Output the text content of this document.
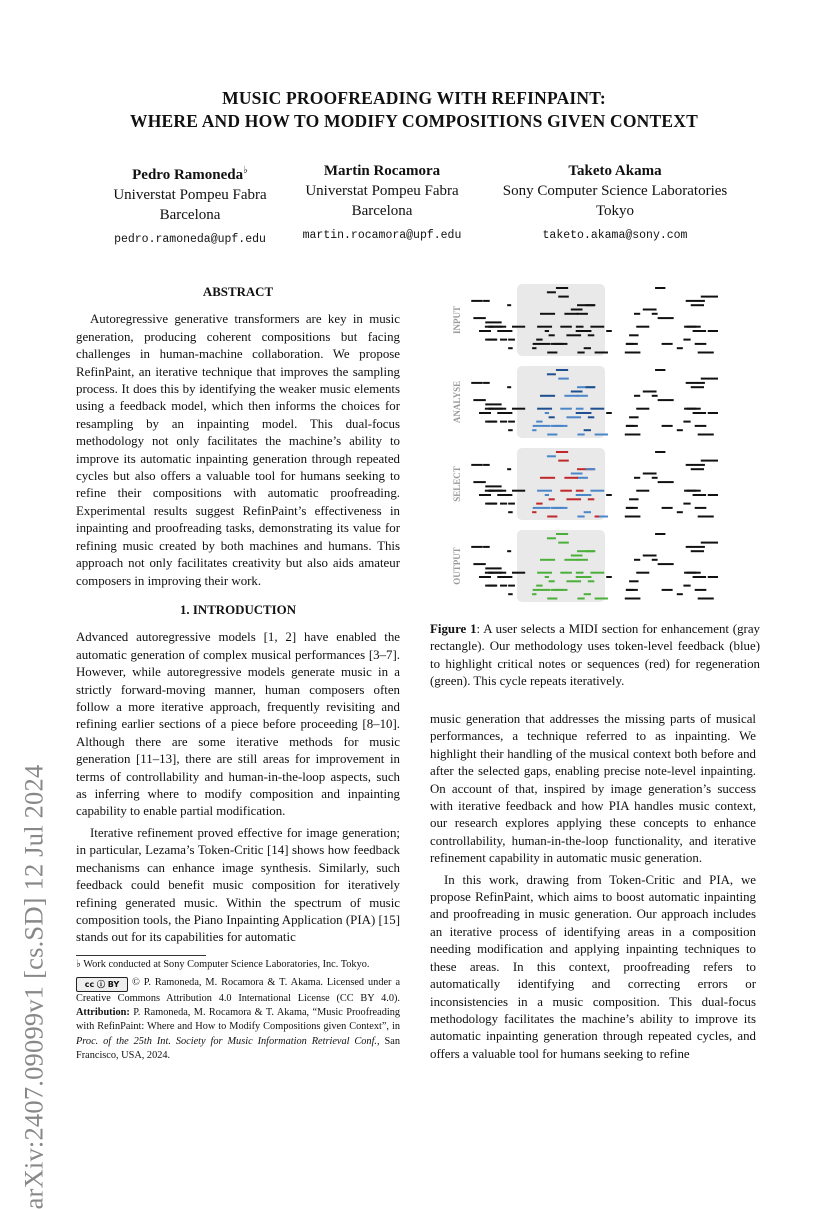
arXiv:2407.09099v1 [cs.SD] 12 Jul 2024
MUSIC PROOFREADING WITH REFINPAINT:
WHERE AND HOW TO MODIFY COMPOSITIONS GIVEN CONTEXT
Pedro Ramoneda♭
Universtat Pompeu Fabra
Barcelona
pedro.ramoneda@upf.edu
Martin Rocamora
Universtat Pompeu Fabra
Barcelona
martin.rocamora@upf.edu
Taketo Akama
Sony Computer Science Laboratories
Tokyo
taketo.akama@sony.com
ABSTRACT

Autoregressive generative transformers are key in music generation, producing coherent compositions but facing challenges in human-machine collaboration. We propose RefinPaint, an iterative technique that improves the sampling process. It does this by identifying the weaker music elements using a feedback model, which then informs the choices for resampling by an inpainting model. This dual-focus methodology not only facilitates the machine’s ability to improve its automatic inpainting generation through repeated cycles but also offers a valuable tool for humans seeking to refine their compositions with automatic proofreading. Experimental results suggest RefinPaint’s effectiveness in inpainting and proofreading tasks, demonstrating its value for refining music created by both machines and humans. This approach not only facilitates creativity but also aids amateur composers in improving their work.

1. INTRODUCTION

Advanced autoregressive models [1, 2] have enabled the automatic generation of complex musical performances [3–7]. However, while autoregressive models generate music in a strictly forward-moving manner, human composers often follow a more iterative approach, frequently revisiting and refining earlier sections of a piece before proceeding [8–10]. Although there are some iterative methods for music generation [11–13], there are still areas for improvement in terms of controllability and human-in-the-loop aspects, such as inferring where to modify composition and inpainting capability to enable partial modification.

Iterative refinement proved effective for image generation; in particular, Lezama’s Token-Critic [14] shows how feedback mechanisms can enhance image synthesis. Similarly, such feedback could benefit music composition for iteratively refining generated music. Within the spectrum of music composition tools, the Piano Inpainting Application (PIA) [15] stands out for its capabilities for automatic

♭ Work conducted at Sony Computer Science Laboratories, Inc. Tokyo.
cc ⓘ BY © P. Ramoneda, M. Rocamora & T. Akama. Licensed under a Creative Commons Attribution 4.0 International License (CC BY 4.0). Attribution: P. Ramoneda, M. Rocamora & T. Akama, “Music Proofreading with RefinPaint: Where and How to Modify Compositions given Context”, in Proc. of the 25th Int. Society for Music Information Retrieval Conf., San Francisco, USA, 2024.
INPUT
ANALYSE
SELECT
OUTPUT
Figure 1: A user selects a MIDI section for enhancement (gray rectangle). Our methodology uses token-level feedback (blue) to highlight critical notes or sequences (red) for regeneration (green). This cycle repeats iteratively.

music generation that addresses the missing parts of musical performances, a technique referred to as inpainting. We highlight their handling of the musical context both before and after the selected gaps, enabling precise note-level inpainting. On account of that, inspired by image generation’s success with iterative feedback and how PIA handles music context, our research explores applying these concepts to enhance controllability, human-in-the-loop functionality, and iterative refinement capability in automatic music generation.

In this work, drawing from Token-Critic and PIA, we propose RefinPaint, which aims to boost automatic inpainting and proofreading in music generation. Our approach includes an iterative process of identifying areas in a composition needing modification and applying inpainting techniques to these areas. In this context, proofreading refers to automatically identifying and correcting errors or inconsistencies in a music composition. This dual-focus methodology facilitates the machine’s ability to improve its automatic inpainting generation through repeated cycles, and offers a valuable tool for humans seeking to refine
